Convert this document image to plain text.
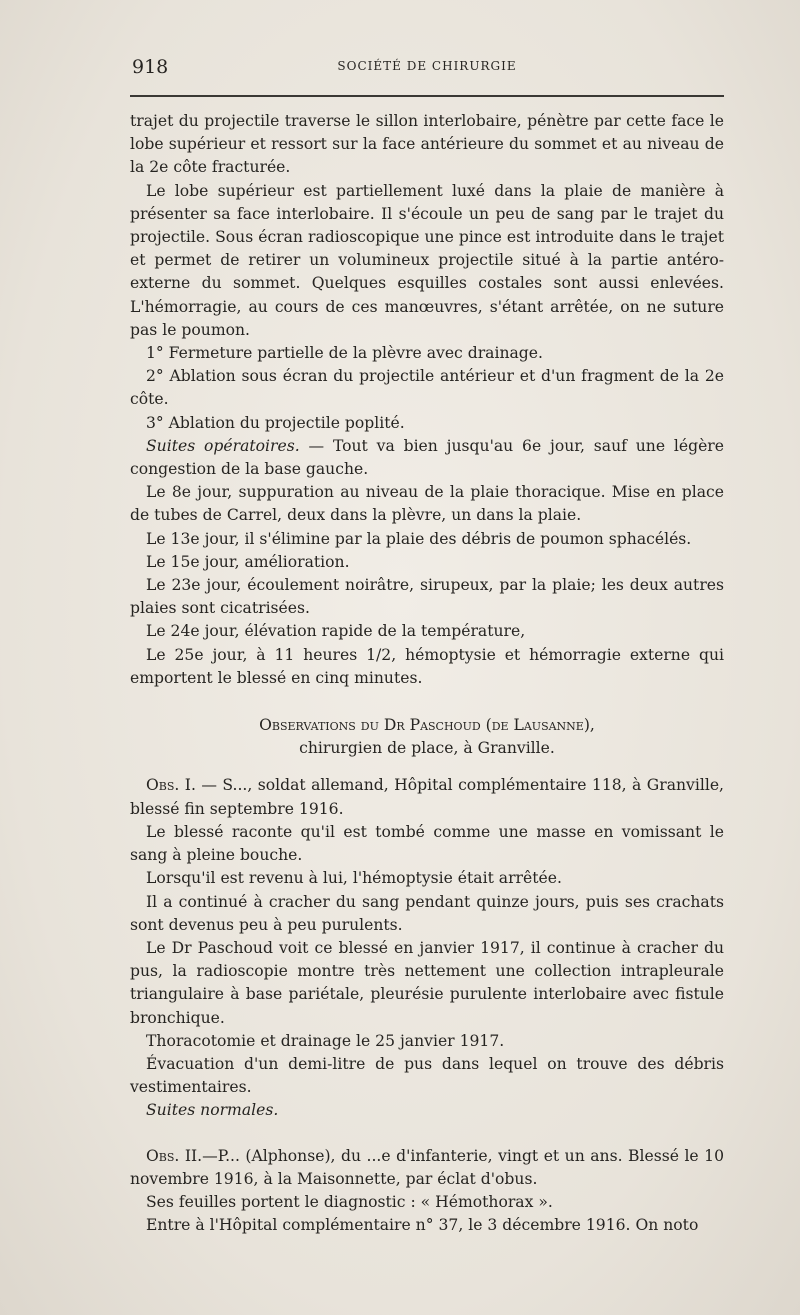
918	SOCIÉTÉ DE CHIRURGIE

trajet du projectile traverse le sillon interlobaire, pénètre par cette face le lobe supérieur et ressort sur la face antérieure du sommet et au niveau de la 2e côte fracturée.

Le lobe supérieur est partiellement luxé dans la plaie de manière à présenter sa face interlobaire. Il s'écoule un peu de sang par le trajet du projectile. Sous écran radioscopique une pince est introduite dans le trajet et permet de retirer un volumineux projectile situé à la partie antéro-externe du sommet. Quelques esquilles costales sont aussi enlevées. L'hémorragie, au cours de ces manœuvres, s'étant arrêtée, on ne suture pas le poumon.

1° Fermeture partielle de la plèvre avec drainage.

2° Ablation sous écran du projectile antérieur et d'un fragment de la 2e côte.

3° Ablation du projectile poplité.

Suites opératoires. — Tout va bien jusqu'au 6e jour, sauf une légère congestion de la base gauche.

Le 8e jour, suppuration au niveau de la plaie thoracique. Mise en place de tubes de Carrel, deux dans la plèvre, un dans la plaie.

Le 13e jour, il s'élimine par la plaie des débris de poumon sphacélés.

Le 15e jour, amélioration.

Le 23e jour, écoulement noirâtre, sirupeux, par la plaie; les deux autres plaies sont cicatrisées.

Le 24e jour, élévation rapide de la température,

Le 25e jour, à 11 heures 1/2, hémoptysie et hémorragie externe qui emportent le blessé en cinq minutes.

Observations du Dr Paschoud (de Lausanne),
chirurgien de place, à Granville.

Obs. I. — S..., soldat allemand, Hôpital complémentaire 118, à Granville, blessé fin septembre 1916.

Le blessé raconte qu'il est tombé comme une masse en vomissant le sang à pleine bouche.

Lorsqu'il est revenu à lui, l'hémoptysie était arrêtée.

Il a continué à cracher du sang pendant quinze jours, puis ses crachats sont devenus peu à peu purulents.

Le Dr Paschoud voit ce blessé en janvier 1917, il continue à cracher du pus, la radioscopie montre très nettement une collection intrapleurale triangulaire à base pariétale, pleurésie purulente interlobaire avec fistule bronchique.

Thoracotomie et drainage le 25 janvier 1917.

Évacuation d'un demi-litre de pus dans lequel on trouve des débris vestimentaires.

Suites normales.

Obs. II.—P... (Alphonse), du ...e d'infanterie, vingt et un ans. Blessé le 10 novembre 1916, à la Maisonnette, par éclat d'obus.

Ses feuilles portent le diagnostic : « Hémothorax ».

Entre à l'Hôpital complémentaire n° 37, le 3 décembre 1916. On noto
